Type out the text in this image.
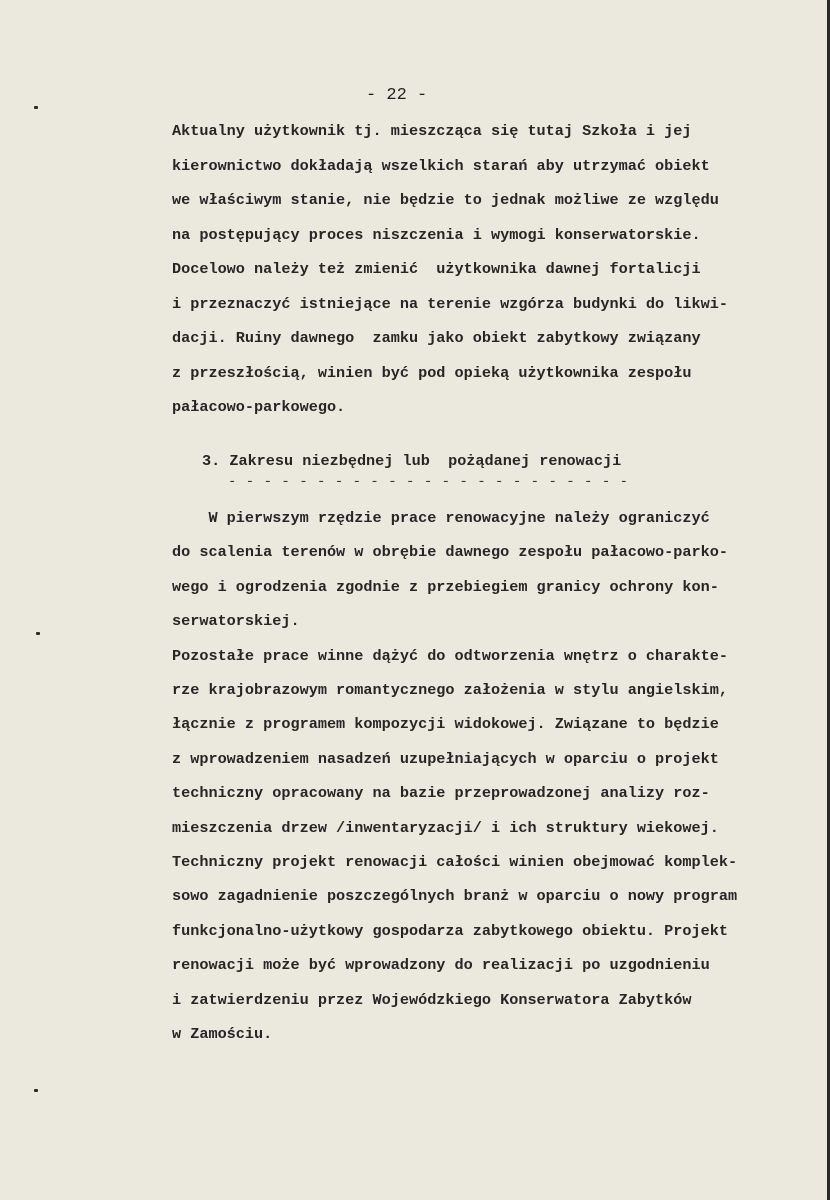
- 22 -
Aktualny użytkownik tj. mieszcząca się tutaj Szkoła i jej
kierownictwo dokładają wszelkich starań aby utrzymać obiekt
we właściwym stanie, nie będzie to jednak możliwe ze względu
na postępujący proces niszczenia i wymogi konserwatorskie.
Docelowo należy też zmienić  użytkownika dawnej fortalicji
i przeznaczyć istniejące na terenie wzgórza budynki do likwi-
dacji. Ruiny dawnego  zamku jako obiekt zabytkowy związany
z przeszłością, winien być pod opieką użytkownika zespołu
pałacowo-parkowego.
3. Zakresu niezbędnej lub  pożądanej renowacji
- - - - - - - - - - - - - - - - - - - - - - -
W pierwszym rzędzie prace renowacyjne należy ograniczyć
do scalenia terenów w obrębie dawnego zespołu pałacowo-parko-
wego i ogrodzenia zgodnie z przebiegiem granicy ochrony kon-
serwatorskiej.
Pozostałe prace winne dążyć do odtworzenia wnętrz o charakte-
rze krajobrazowym romantycznego założenia w stylu angielskim,
łącznie z programem kompozycji widokowej. Związane to będzie
z wprowadzeniem nasadzeń uzupełniających w oparciu o projekt
techniczny opracowany na bazie przeprowadzonej analizy roz-
mieszczenia drzew /inwentaryzacji/ i ich struktury wiekowej.
Techniczny projekt renowacji całości winien obejmować komplek-
sowo zagadnienie poszczególnych branż w oparciu o nowy program
funkcjonalno-użytkowy gospodarza zabytkowego obiektu. Projekt
renowacji może być wprowadzony do realizacji po uzgodnieniu
i zatwierdzeniu przez Wojewódzkiego Konserwatora Zabytków
w Zamościu.
